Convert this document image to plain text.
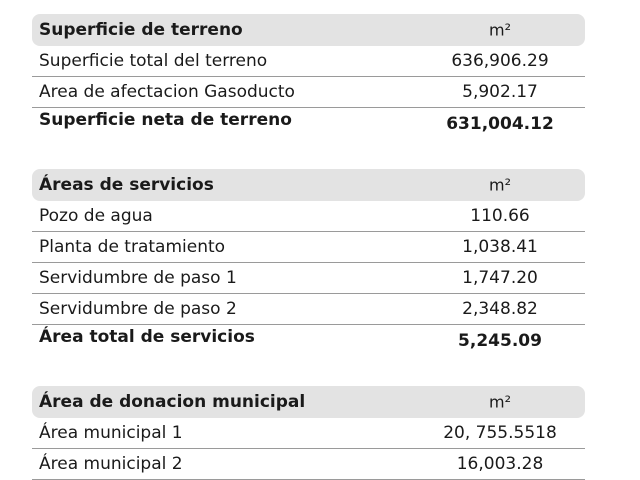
Superficie de terreno	m²
Superficie total del terreno	636,906.29
Area de afectacion Gasoducto	5,902.17
Superficie neta de terreno	631,004.12
Áreas de servicios	m²
Pozo de agua	110.66
Planta de tratamiento	1,038.41
Servidumbre de paso 1	1,747.20
Servidumbre de paso 2	2,348.82
Área total de servicios	5,245.09
Área de donacion municipal	m²
Área municipal 1	20, 755.5518
Área municipal 2	16,003.28
